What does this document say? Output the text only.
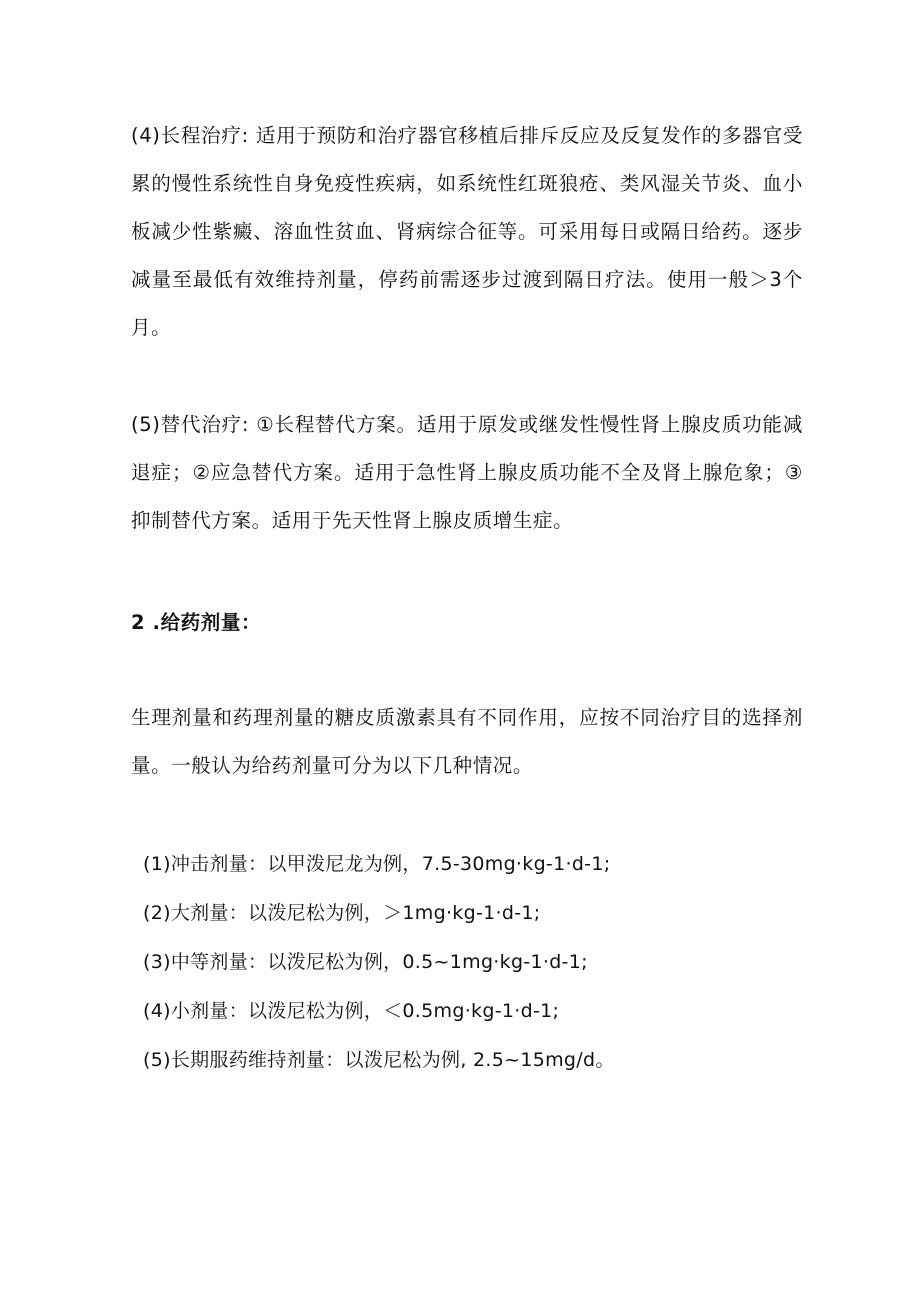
(4)长程治疗: 适用于预防和治疗器官移植后排斥反应及反复发作的多器官受累的慢性系统性自身免疫性疾病，如系统性红斑狼疮、类风湿关节炎、血小板减少性紫癜、溶血性贫血、肾病综合征等。可采用每日或隔日给药。逐步减量至最低有效维持剂量，停药前需逐步过渡到隔日疗法。使用一般＞3个月。

(5)替代治疗: ①长程替代方案。适用于原发或继发性慢性肾上腺皮质功能减退症；②应急替代方案。适用于急性肾上腺皮质功能不全及肾上腺危象；③抑制替代方案。适用于先天性肾上腺皮质增生症。

2 .给药剂量：

生理剂量和药理剂量的糖皮质激素具有不同作用，应按不同治疗目的选择剂量。一般认为给药剂量可分为以下几种情况。

(1)冲击剂量：以甲泼尼龙为例，7.5-30mg·kg-1·d-1;
(2)大剂量：以泼尼松为例，＞1mg·kg-1·d-1;
(3)中等剂量：以泼尼松为例，0.5~1mg·kg-1·d-1;
(4)小剂量：以泼尼松为例，＜0.5mg·kg-1·d-1;
(5)长期服药维持剂量：以泼尼松为例, 2.5~15mg∕d。
